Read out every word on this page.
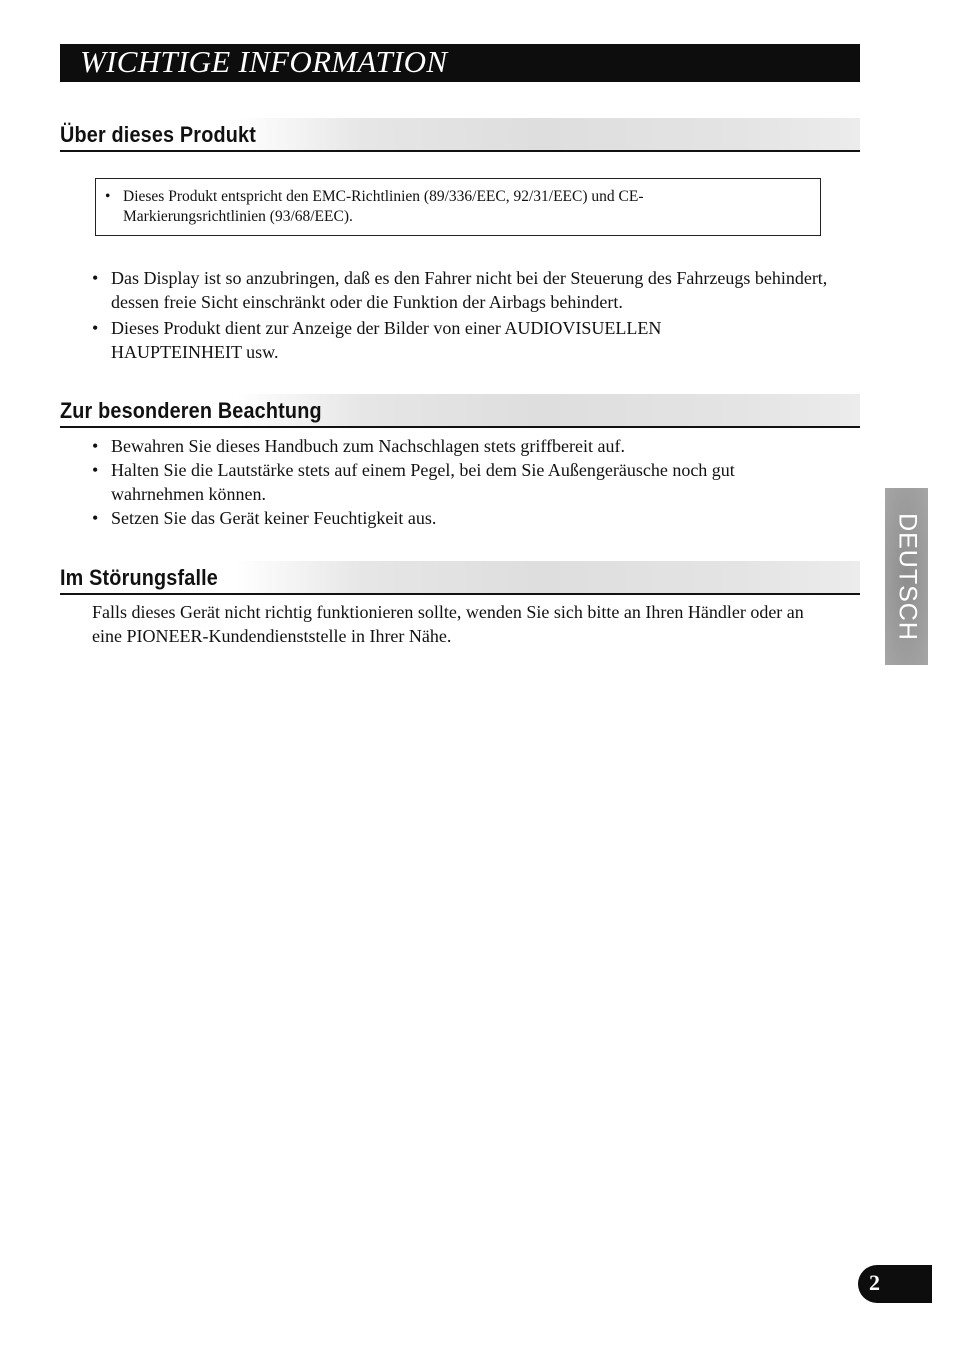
WICHTIGE INFORMATION
Über dieses Produkt
• Dieses Produkt entspricht den EMC-Richtlinien (89/336/EEC, 92/31/EEC) und CE-Markierungsrichtlinien (93/68/EEC).
• Das Display ist so anzubringen, daß es den Fahrer nicht bei der Steuerung des Fahrzeugs behindert, dessen freie Sicht einschränkt oder die Funktion der Airbags behindert.
• Dieses Produkt dient zur Anzeige der Bilder von einer AUDIOVISUELLEN HAUPTEINHEIT usw.
Zur besonderen Beachtung
• Bewahren Sie dieses Handbuch zum Nachschlagen stets griffbereit auf.
• Halten Sie die Lautstärke stets auf einem Pegel, bei dem Sie Außengeräusche noch gut wahrnehmen können.
• Setzen Sie das Gerät keiner Feuchtigkeit aus.
Im Störungsfalle
Falls dieses Gerät nicht richtig funktionieren sollte, wenden Sie sich bitte an Ihren Händler oder an eine PIONEER-Kundendienststelle in Ihrer Nähe.	DEUTSCH
2
